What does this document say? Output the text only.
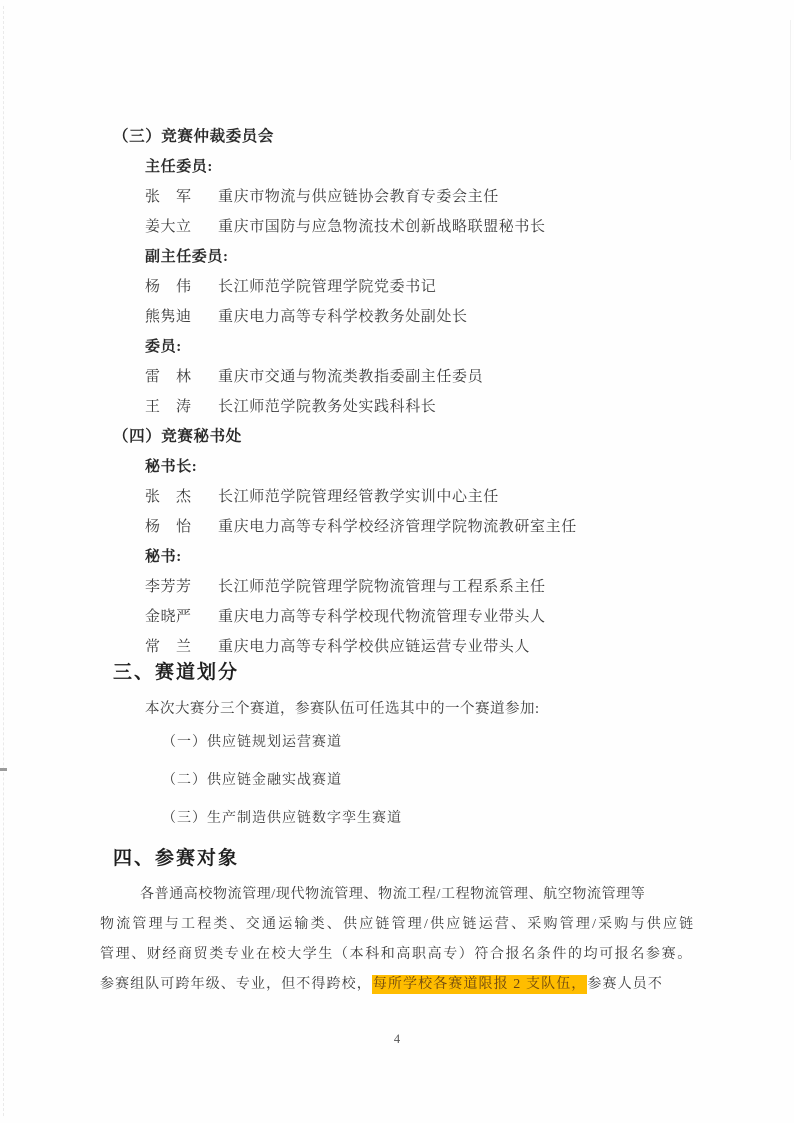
（三）竞赛仲裁委员会
主任委员:
张　军 重庆市物流与供应链协会教育专委会主任
姜大立 重庆市国防与应急物流技术创新战略联盟秘书长
副主任委员:
杨　伟 长江师范学院管理学院党委书记
熊隽迪 重庆电力高等专科学校教务处副处长
委员:
雷　林 重庆市交通与物流类教指委副主任委员
王　涛 长江师范学院教务处实践科科长
（四）竞赛秘书处
秘书长:
张　杰 长江师范学院管理经管教学实训中心主任
杨　怡 重庆电力高等专科学校经济管理学院物流教研室主任
秘书:
李芳芳 长江师范学院管理学院物流管理与工程系系主任
金晓严 重庆电力高等专科学校现代物流管理专业带头人
常　兰 重庆电力高等专科学校供应链运营专业带头人
三、赛道划分
本次大赛分三个赛道，参赛队伍可任选其中的一个赛道参加:
（一）供应链规划运营赛道
（二）供应链金融实战赛道
（三）生产制造供应链数字孪生赛道
四、参赛对象
各普通高校物流管理/现代物流管理、物流工程/工程物流管理、航空物流管理等
物流管理与工程类、交通运输类、供应链管理/供应链运营、采购管理/采购与供应链
管理、财经商贸类专业在校大学生（本科和高职高专）符合报名条件的均可报名参赛。
参赛组队可跨年级、专业，但不得跨校，每所学校各赛道限报 2 支队伍，参赛人员不
4
